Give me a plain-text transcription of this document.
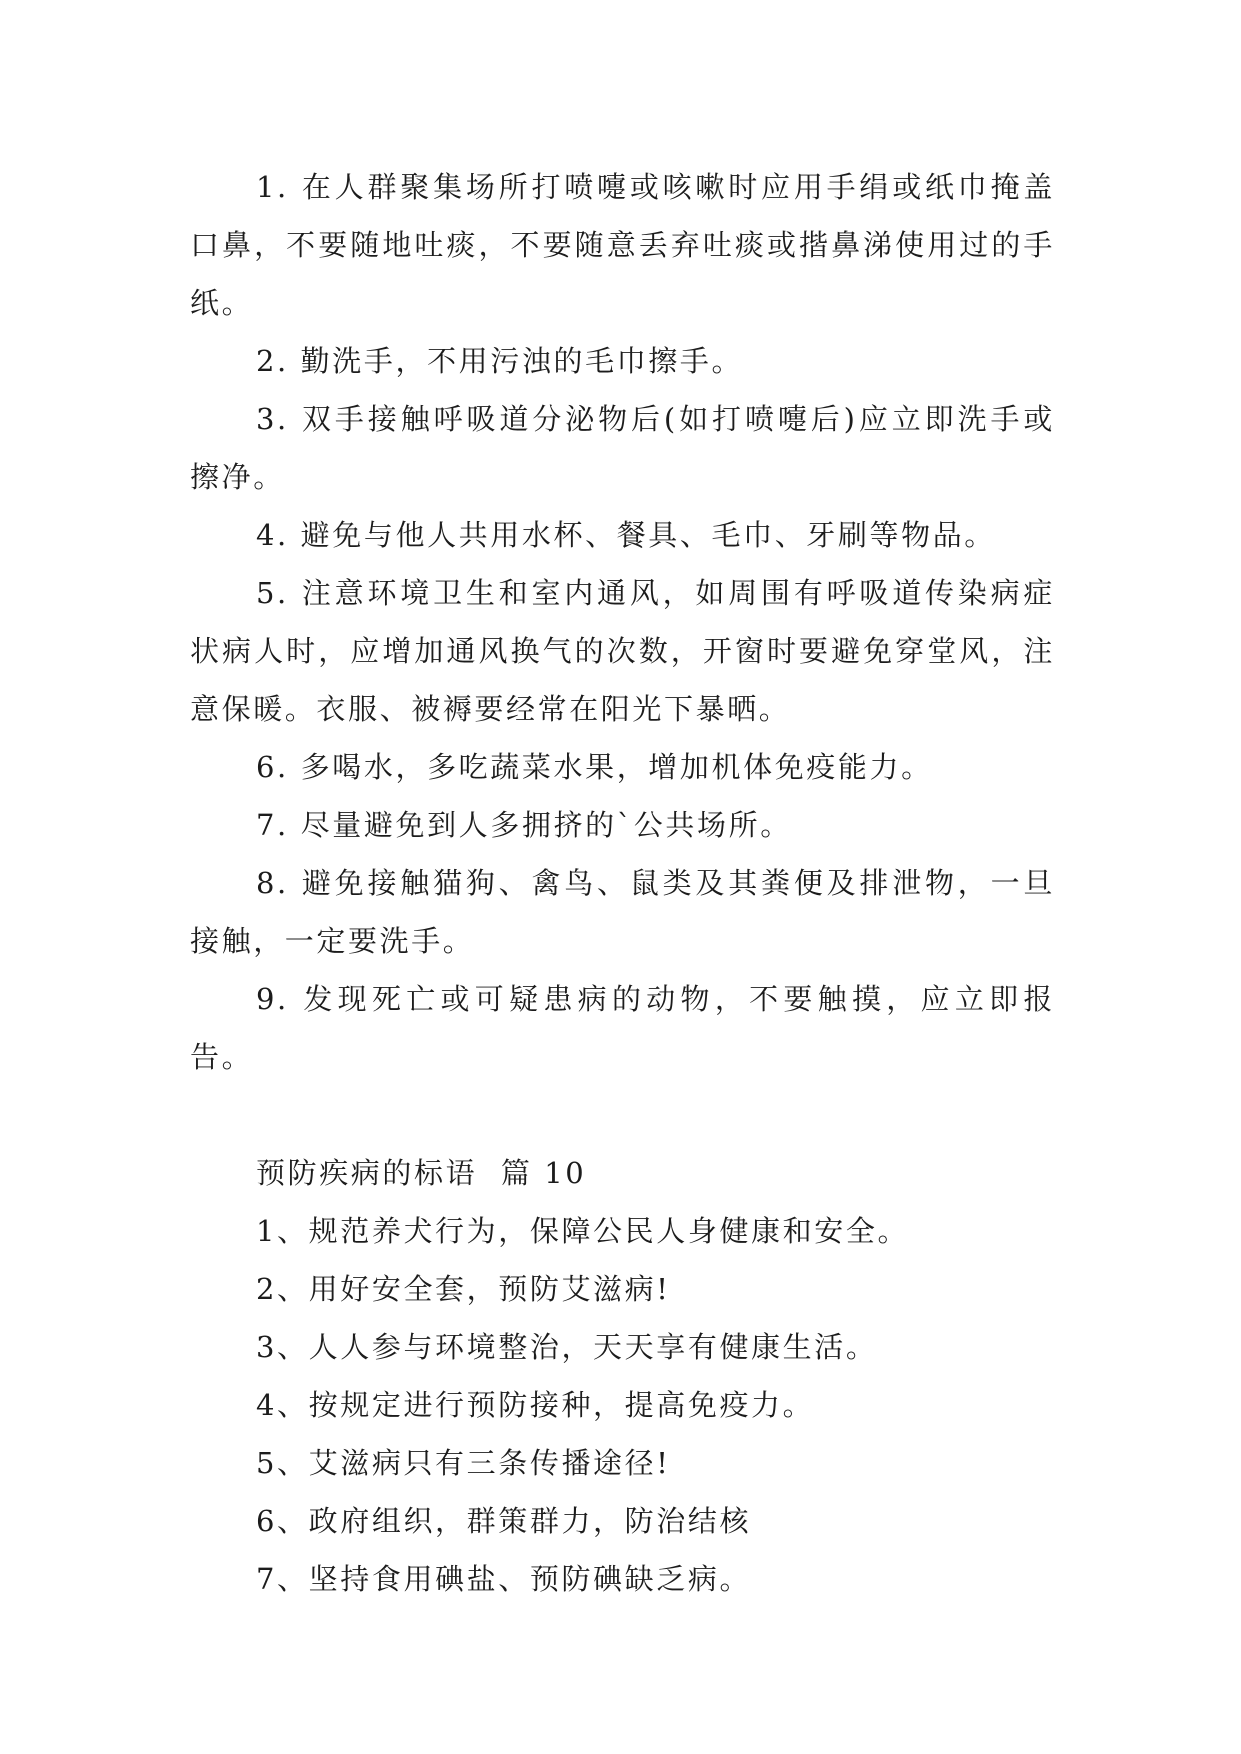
1. 在人群聚集场所打喷嚏或咳嗽时应用手绢或纸巾掩盖口鼻，不要随地吐痰，不要随意丢弃吐痰或揩鼻涕使用过的手纸。

2. 勤洗手，不用污浊的毛巾擦手。

3. 双手接触呼吸道分泌物后(如打喷嚏后)应立即洗手或擦净。

4. 避免与他人共用水杯、餐具、毛巾、牙刷等物品。

5. 注意环境卫生和室内通风，如周围有呼吸道传染病症状病人时，应增加通风换气的次数，开窗时要避免穿堂风，注意保暖。衣服、被褥要经常在阳光下暴晒。

6. 多喝水，多吃蔬菜水果，增加机体免疫能力。

7. 尽量避免到人多拥挤的`公共场所。

8. 避免接触猫狗、禽鸟、鼠类及其粪便及排泄物，一旦接触，一定要洗手。

9. 发现死亡或可疑患病的动物，不要触摸，应立即报告。

预防疾病的标语  篇 10

1、规范养犬行为，保障公民人身健康和安全。

2、用好安全套，预防艾滋病!

3、人人参与环境整治，天天享有健康生活。

4、按规定进行预防接种，提高免疫力。

5、艾滋病只有三条传播途径!

6、政府组织，群策群力，防治结核

7、坚持食用碘盐、预防碘缺乏病。
